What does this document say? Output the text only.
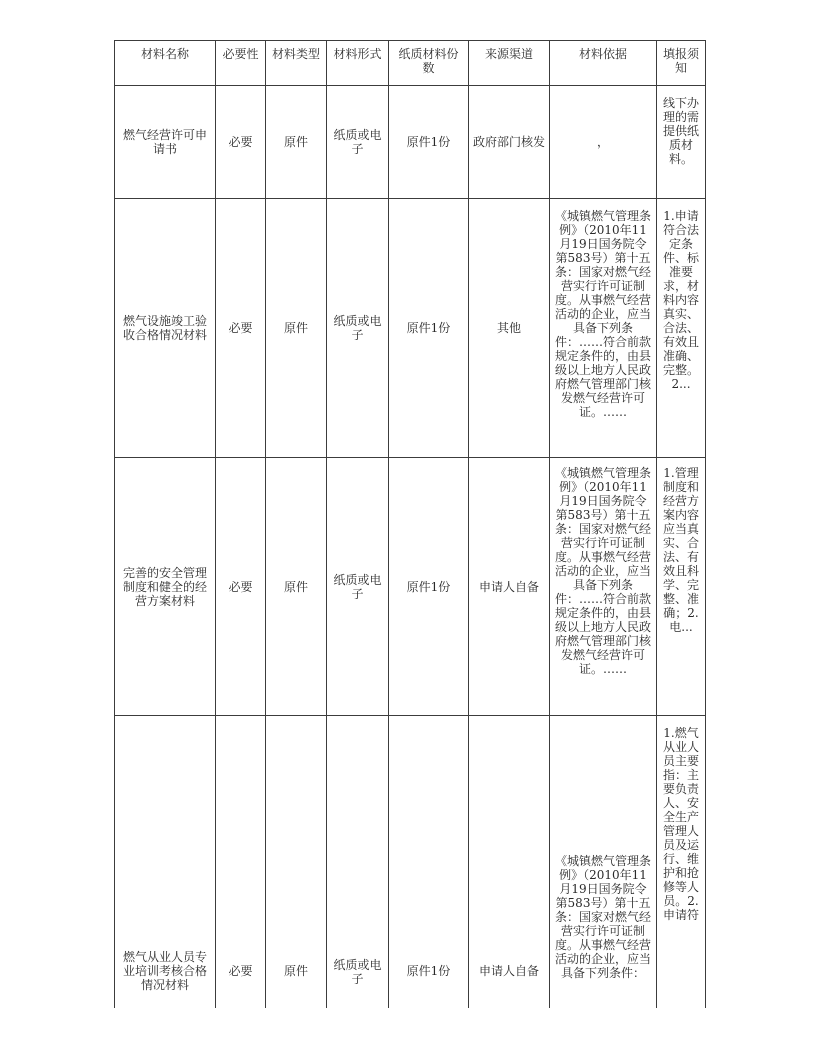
材料名称	必要性	材料类型	材料形式	纸质材料份数	来源渠道	材料依据	填报须知
燃气经营许可申请书	必要	原件	纸质或电子	原件1份	政府部门核发	，	线下办理的需提供纸质材料。

燃气设施竣工验收合格情况材料	必要	原件	纸质或电子	原件1份	其他	《城镇燃气管理条例》（2010年11月19日国务院令第583号）第十五条：国家对燃气经营实行许可证制度。从事燃气经营活动的企业，应当具备下列条件：……符合前款规定条件的，由县级以上地方人民政府燃气管理部门核发燃气经营许可证。……	1.申请符合法定条件、标准要求，材料内容真实、合法、有效且准确、完整。2...

完善的安全管理制度和健全的经营方案材料	必要	原件	纸质或电子	原件1份	申请人自备	《城镇燃气管理条例》（2010年11月19日国务院令第583号）第十五条：国家对燃气经营实行许可证制度。从事燃气经营活动的企业，应当具备下列条件：……符合前款规定条件的，由县级以上地方人民政府燃气管理部门核发燃气经营许可证。……	1.管理制度和经营方案内容应当真实、合法、有效且科学、完整、准确；2.电...

燃气从业人员专业培训考核合格情况材料	必要	原件	纸质或电子	原件1份	申请人自备	《城镇燃气管理条例》（2010年11月19日国务院令第583号）第十五条：国家对燃气经营实行许可证制度。从事燃气经营活动的企业，应当具备下列条件：	1.燃气从业人员主要指：主要负责人、安全生产管理人员及运行、维护和抢修等人员。2.申请符
